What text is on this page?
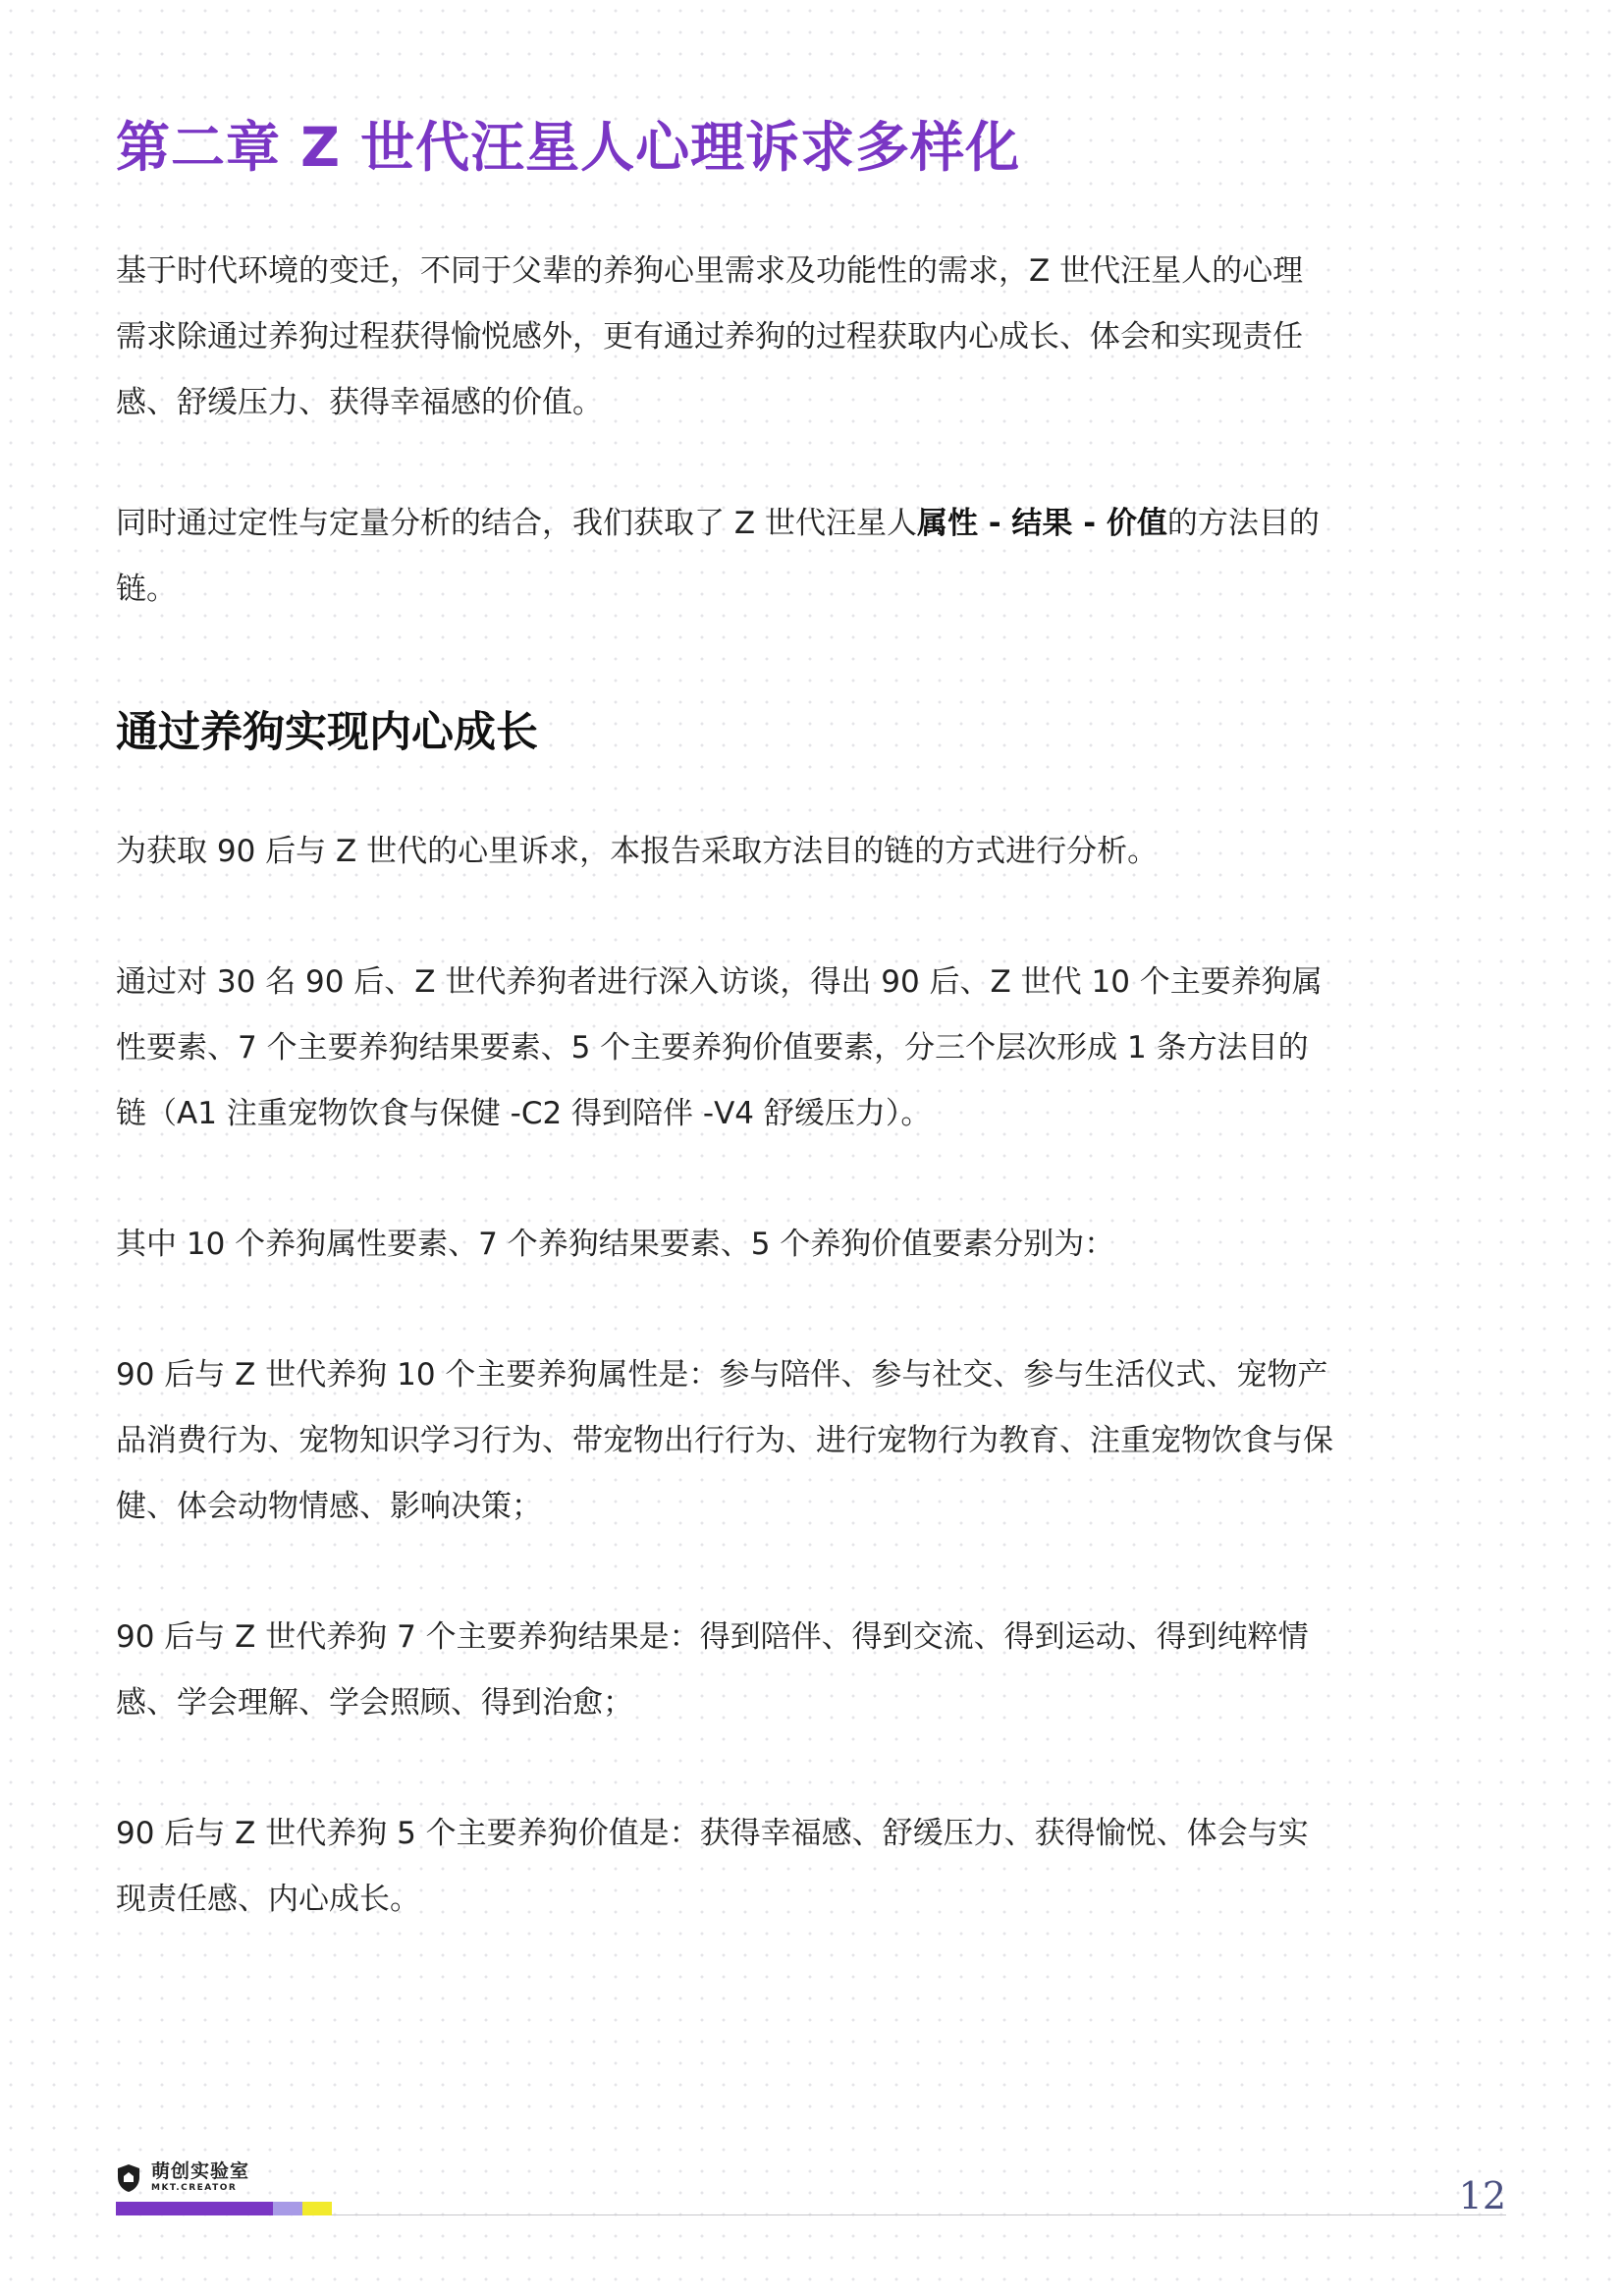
第二章 Z 世代汪星人心理诉求多样化

基于时代环境的变迁，不同于父辈的养狗心里需求及功能性的需求，Z 世代汪星人的心理需求除通过养狗过程获得愉悦感外，更有通过养狗的过程获取内心成长、体会和实现责任感、舒缓压力、获得幸福感的价值。

同时通过定性与定量分析的结合，我们获取了 Z 世代汪星人属性 - 结果 - 价值的方法目的链。

通过养狗实现内心成长

为获取 90 后与 Z 世代的心里诉求，本报告采取方法目的链的方式进行分析。

通过对 30 名 90 后、Z 世代养狗者进行深入访谈，得出 90 后、Z 世代 10 个主要养狗属性要素、7 个主要养狗结果要素、5 个主要养狗价值要素，分三个层次形成 1 条方法目的链（A1 注重宠物饮食与保健 -C2 得到陪伴 -V4 舒缓压力）。

其中 10 个养狗属性要素、7 个养狗结果要素、5 个养狗价值要素分别为：

90 后与 Z 世代养狗 10 个主要养狗属性是：参与陪伴、参与社交、参与生活仪式、宠物产品消费行为、宠物知识学习行为、带宠物出行行为、进行宠物行为教育、注重宠物饮食与保健、体会动物情感、影响决策；

90 后与 Z 世代养狗 7 个主要养狗结果是：得到陪伴、得到交流、得到运动、得到纯粹情感、学会理解、学会照顾、得到治愈；

90 后与 Z 世代养狗 5 个主要养狗价值是：获得幸福感、舒缓压力、获得愉悦、体会与实现责任感、内心成长。

萌创实验室
MKT.CREATOR	12
